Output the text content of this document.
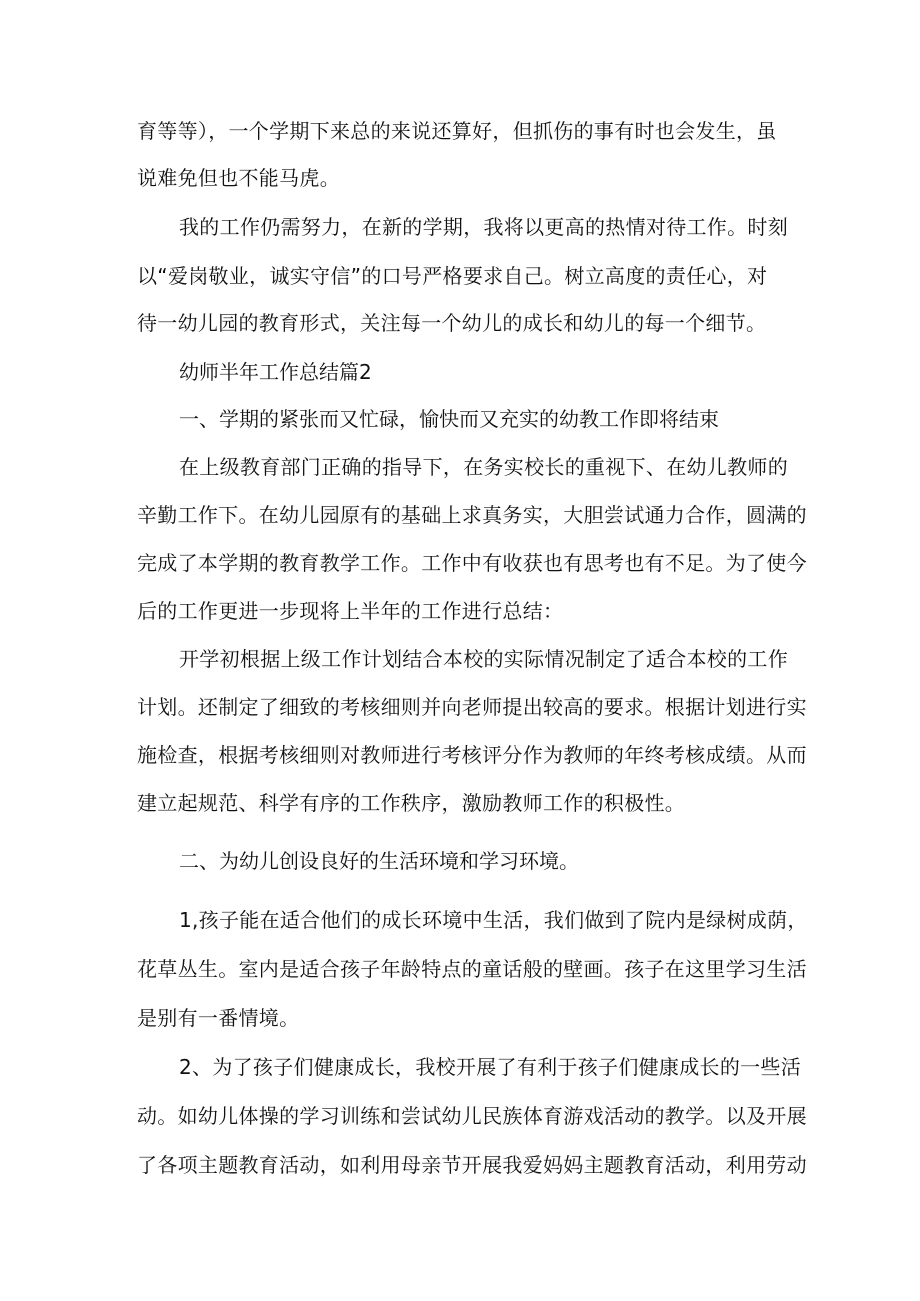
育等等），一个学期下来总的来说还算好，但抓伤的事有时也会发生，虽
说难免但也不能马虎。
我的工作仍需努力，在新的学期，我将以更高的热情对待工作。时刻
以“爱岗敬业，诚实守信”的口号严格要求自己。树立高度的责任心，对
待一幼儿园的教育形式，关注每一个幼儿的成长和幼儿的每一个细节。
幼师半年工作总结篇2
一、学期的紧张而又忙碌，愉快而又充实的幼教工作即将结束
在上级教育部门正确的指导下，在务实校长的重视下、在幼儿教师的
辛勤工作下。在幼儿园原有的基础上求真务实，大胆尝试通力合作，圆满的
完成了本学期的教育教学工作。工作中有收获也有思考也有不足。为了使今
后的工作更进一步现将上半年的工作进行总结：
开学初根据上级工作计划结合本校的实际情况制定了适合本校的工作
计划。还制定了细致的考核细则并向老师提出较高的要求。根据计划进行实
施检查，根据考核细则对教师进行考核评分作为教师的年终考核成绩。从而
建立起规范、科学有序的工作秩序，激励教师工作的积极性。
二、为幼儿创设良好的生活环境和学习环境。
1,孩子能在适合他们的成长环境中生活，我们做到了院内是绿树成荫，
花草丛生。室内是适合孩子年龄特点的童话般的壁画。孩子在这里学习生活
是别有一番情境。
2、为了孩子们健康成长，我校开展了有利于孩子们健康成长的一些活
动。如幼儿体操的学习训练和尝试幼儿民族体育游戏活动的教学。以及开展
了各项主题教育活动，如利用母亲节开展我爱妈妈主题教育活动，利用劳动
